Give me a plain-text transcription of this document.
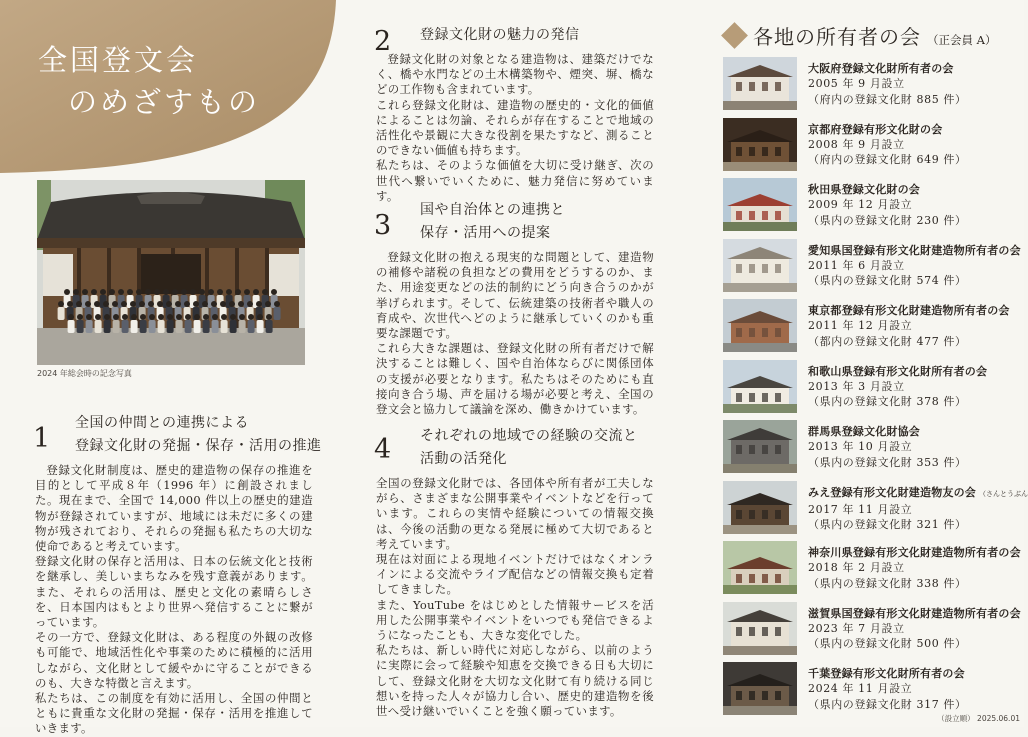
全国登文会
のめざすもの
2024 年総会時の記念写真
1 全国の仲間との連携による
登録文化財の発掘・保存・活用の推進

登録文化財制度は、歴史的建造物の保存の推進を目的として平成８年（1996 年）に創設されました。現在まで、全国で 14,000 件以上の歴史的建造物が登録されていますが、地域には未だに多くの建物が残されており、それらの発掘も私たちの大切な使命であると考えています。

登録文化財の保存と活用は、日本の伝統文化と技術を継承し、美しいまちなみを残す意義があります。また、それらの活用は、歴史と文化の素晴らしさを、日本国内はもとより世界へ発信することに繋がっています。

その一方で、登録文化財は、ある程度の外観の改修も可能で、地域活性化や事業のために積極的に活用しながら、文化財として緩やかに守ることができるのも、大きな特徴と言えます。

私たちは、この制度を有効に活用し、全国の仲間とともに貴重な文化財の発掘・保存・活用を推進していきます。

2 登録文化財の魅力の発信

登録文化財の対象となる建造物は、建築だけでなく、橋や水門などの土木構築物や、煙突、塀、橋などの工作物も含まれています。

これら登録文化財は、建造物の歴史的・文化的価値によることは勿論、それらが存在することで地域の活性化や景観に大きな役割を果たすなど、測ることのできない価値も持ちます。

私たちは、そのような価値を大切に受け継ぎ、次の世代へ繋いでいくために、魅力発信に努めています。

3 国や自治体との連携と
保存・活用への提案

登録文化財の抱える現実的な問題として、建造物の補修や諸税の負担などの費用をどうするのか、また、用途変更などの法的制約にどう向き合うのかが挙げられます。そして、伝統建築の技術者や職人の育成や、次世代へどのように継承していくのかも重要な課題です。

これら大きな課題は、登録文化財の所有者だけで解決することは難しく、国や自治体ならびに関係団体の支援が必要となります。私たちはそのためにも直接向き合う場、声を届ける場が必要と考え、全国の登文会と協力して議論を深め、働きかけています。

4 それぞれの地域での経験の交流と
活動の活発化

全国の登録文化財では、各団体や所有者が工夫しながら、さまざまな公開事業やイベントなどを行っています。これらの実情や経験についての情報交換は、今後の活動の更なる発展に極めて大切であると考えています。

現在は対面による現地イベントだけではなくオンラインによる交流やライブ配信などの情報交換も定着してきました。

また、YouTube をはじめとした情報サービスを活用した公開事業やイベントをいつでも発信できるようになったことも、大きな変化でした。

私たちは、新しい時代に対応しながら、以前のように実際に会って経験や知恵を交換できる日も大切にして、登録文化財を大切な文化財て有り続ける同じ想いを持った人々が協力し合い、歴史的建造物を後世へ受け継いでいくことを強く願っています。

各地の所有者の会 （正会員 A）
大阪府登録文化財所有者の会
2005 年 9 月設立
（府内の登録文化財 885 件）
京都府登録有形文化財の会
2008 年 9 月設立
（府内の登録文化財 649 件）
秋田県登録文化財の会
2009 年 12 月設立
（県内の登録文化財 230 件）
愛知県国登録有形文化財建造物所有者の会
2011 年 6 月設立
（県内の登録文化財 574 件）
東京都登録有形文化財建造物所有者の会
2011 年 12 月設立
（都内の登録文化財 477 件）
和歌山県登録有形文化財所有者の会
2013 年 3 月設立
（県内の登録文化財 378 件）
群馬県登録文化財協会
2013 年 10 月設立
（県内の登録文化財 353 件）
みえ登録有形文化財建造物友の会 （さんとうぶん
2017 年 11 月設立
（県内の登録文化財 321 件）
神奈川県登録有形文化財建造物所有者の会
2018 年 2 月設立
（県内の登録文化財 338 件）
滋賀県国登録有形文化財建造物所有者の会
2023 年 7 月設立
（県内の登録文化財 500 件）
千葉登録有形文化財所有者の会
2024 年 11 月設立
（県内の登録文化財 317 件）
（設立順） 2025.06.01
